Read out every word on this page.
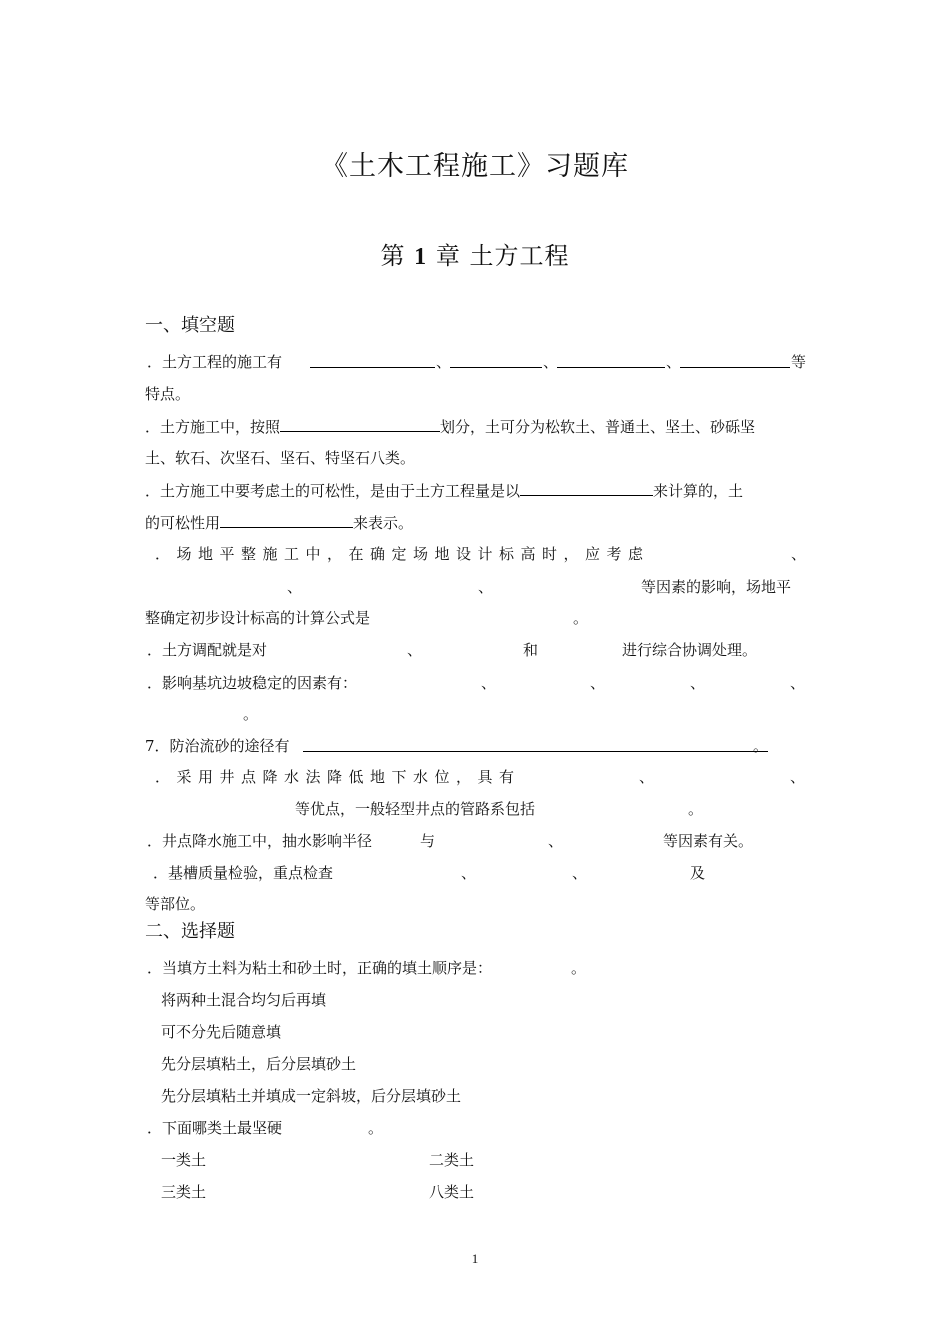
《土木工程施工》习题库
第 1 章 土方工程
一、填空题
．土方工程的施工有	、	、	、	等
特点。
．土方施工中，按照	划分，土可分为松软土、普通土、坚土、砂砾坚
土、软石、次坚石、坚石、特坚石八类。
．土方施工中要考虑土的可松性，是由于土方工程量是以	来计算的，土
的可松性用	来表示。
．场地平整施工中，在确定场地设计标高时，应考虑	、
、	、	等因素的影响，场地平
整确定初步设计标高的计算公式是	。
．土方调配就是对	、	和	进行综合协调处理。
．影响基坑边坡稳定的因素有：	、	、	、	、
。
7．防治流砂的途径有	。
．采用井点降水法降低地下水位，具有	、	、
等优点，一般轻型井点的管路系包括	。
．井点降水施工中，抽水影响半径	与	、	等因素有关。
．基槽质量检验，重点检查	、	、	及
等部位。
二、选择题
．当填方土料为粘土和砂土时，正确的填土顺序是：	。
将两种土混合均匀后再填
可不分先后随意填
先分层填粘土，后分层填砂土
先分层填粘土并填成一定斜坡，后分层填砂土
．下面哪类土最坚硬	。
一类土	二类土
三类土	八类土
1
